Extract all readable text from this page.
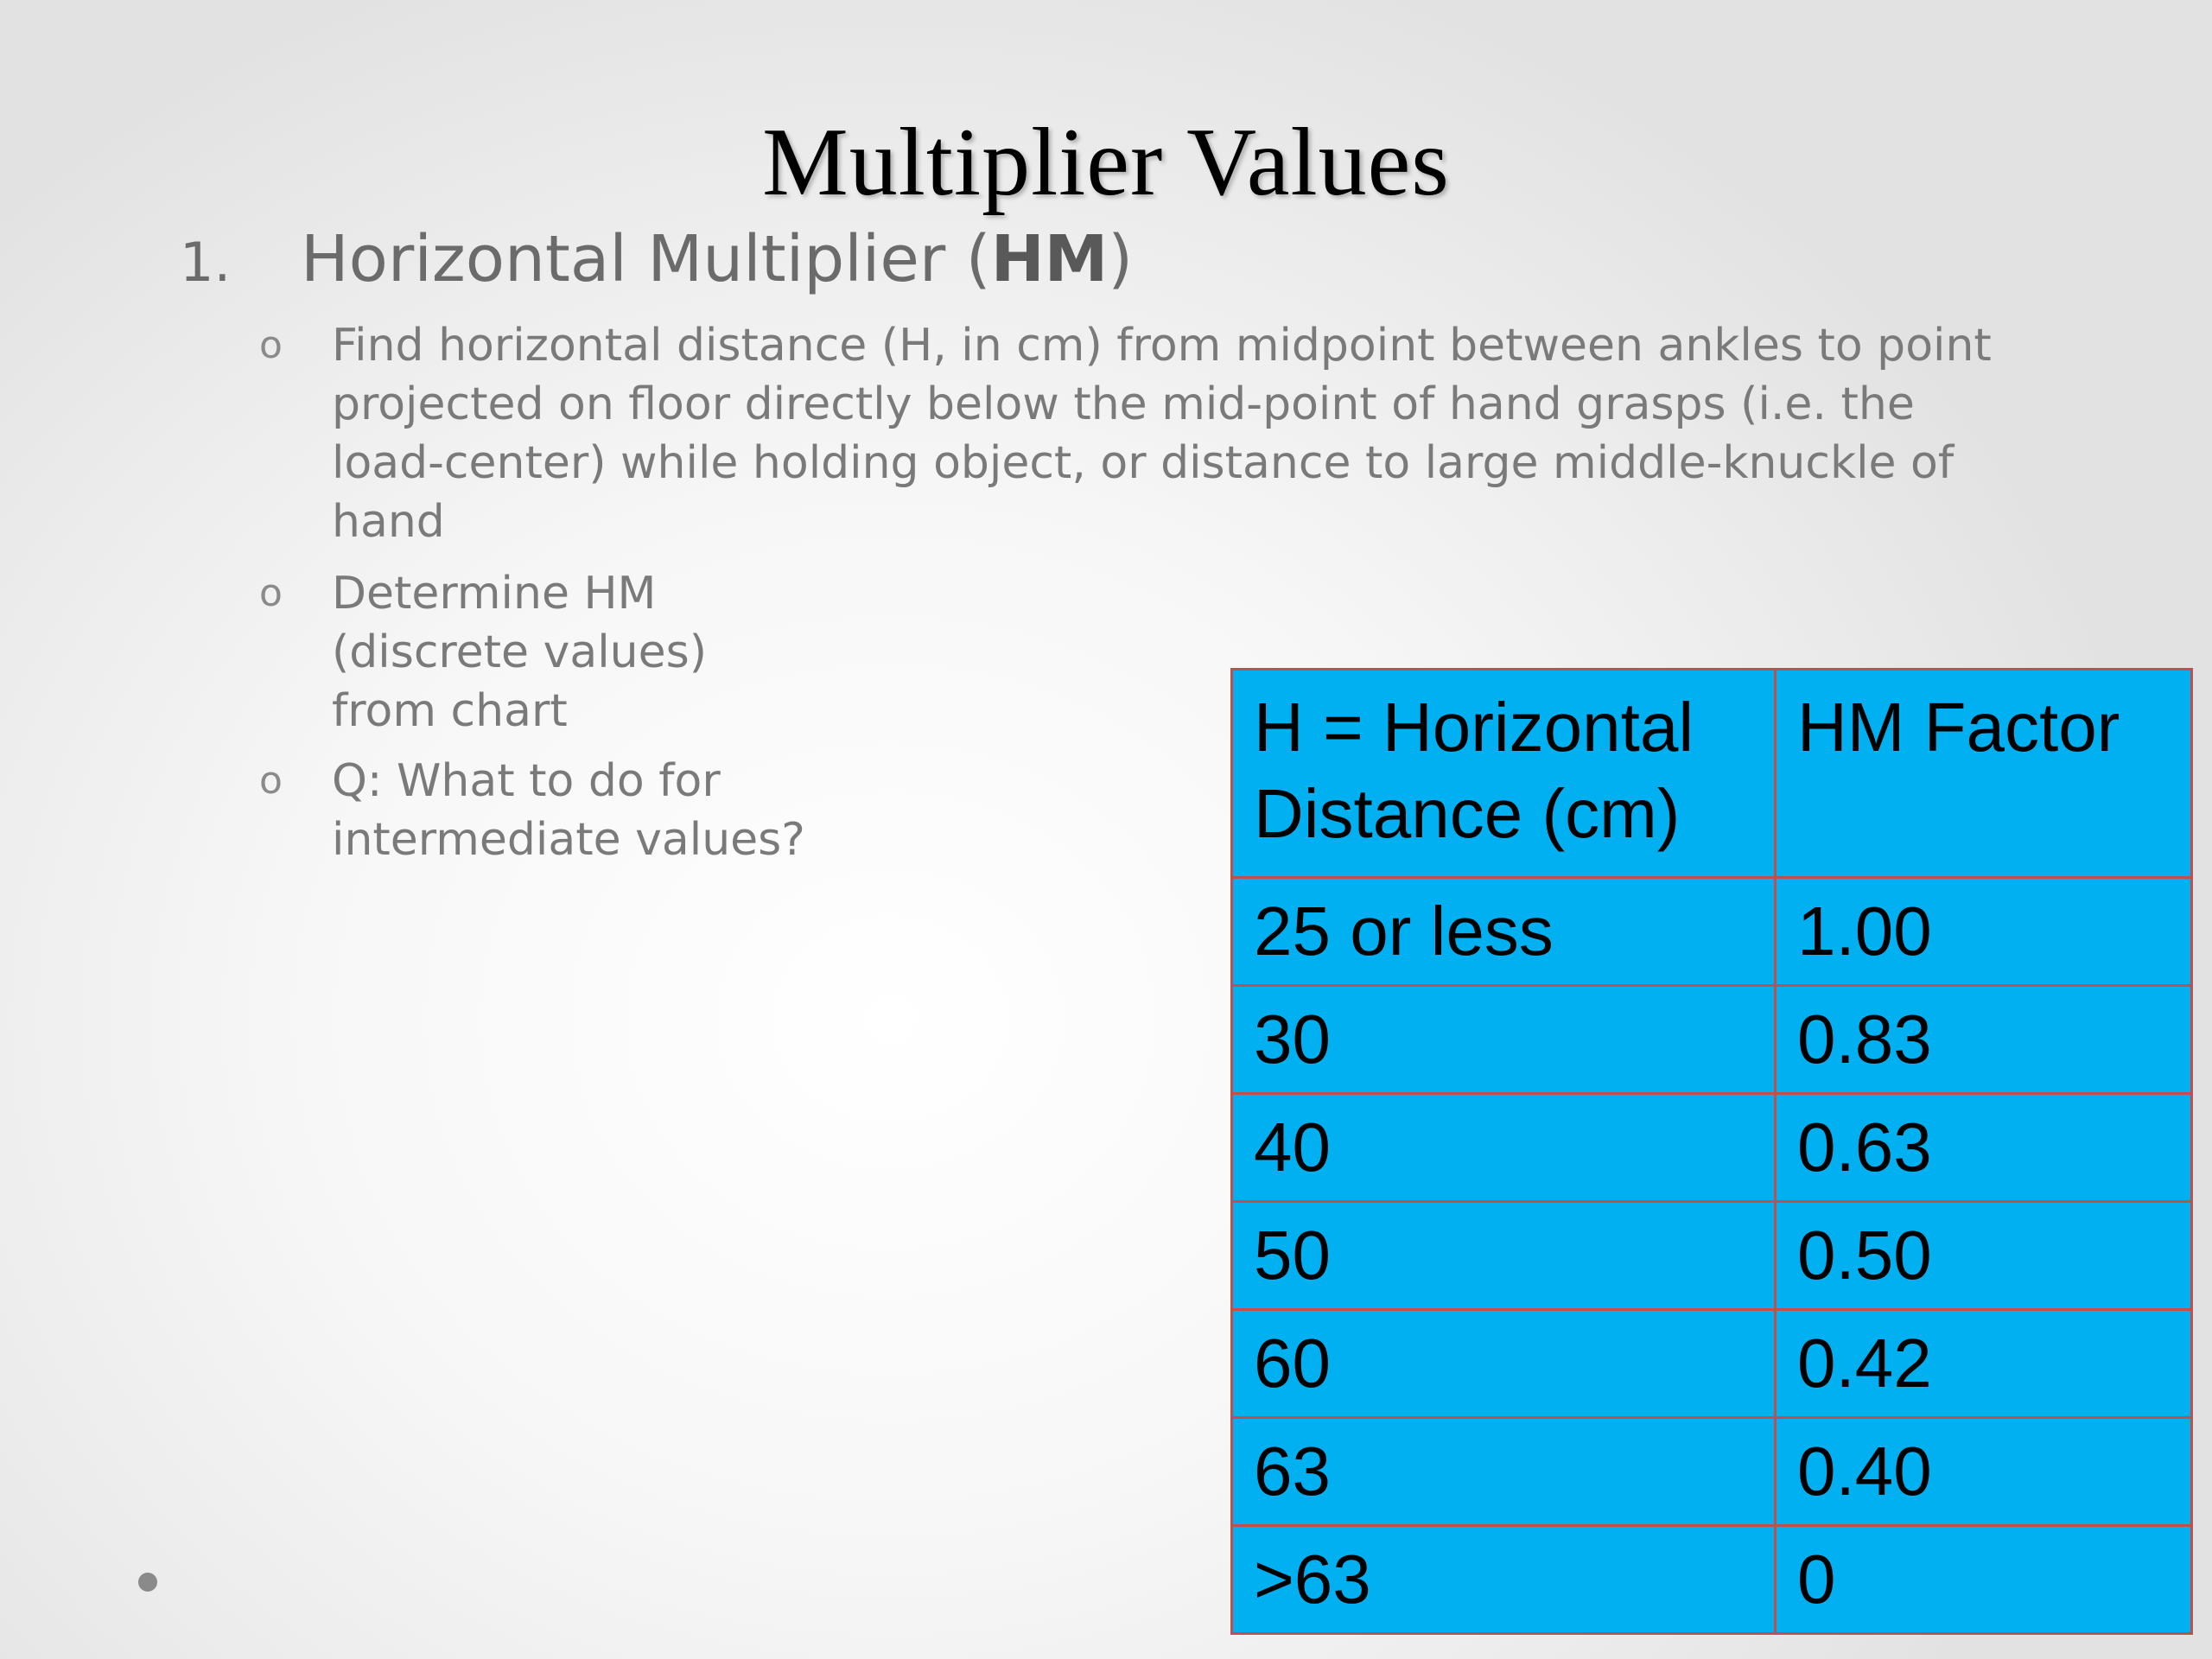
Multiplier Values
1. Horizontal Multiplier (HM)
o Find horizontal distance (H, in cm) from midpoint between ankles to point
projected on floor directly below the mid-point of hand grasps (i.e. the
load-center) while holding object, or distance to large middle-knuckle of
hand
o Determine HM
(discrete values)
from chart
o Q: What to do for
intermediate values?
H = Horizontal
Distance (cm)	HM Factor

25 or less	1.00
30	0.83
40	0.63
50	0.50
60	0.42
63	0.40
>63	0
